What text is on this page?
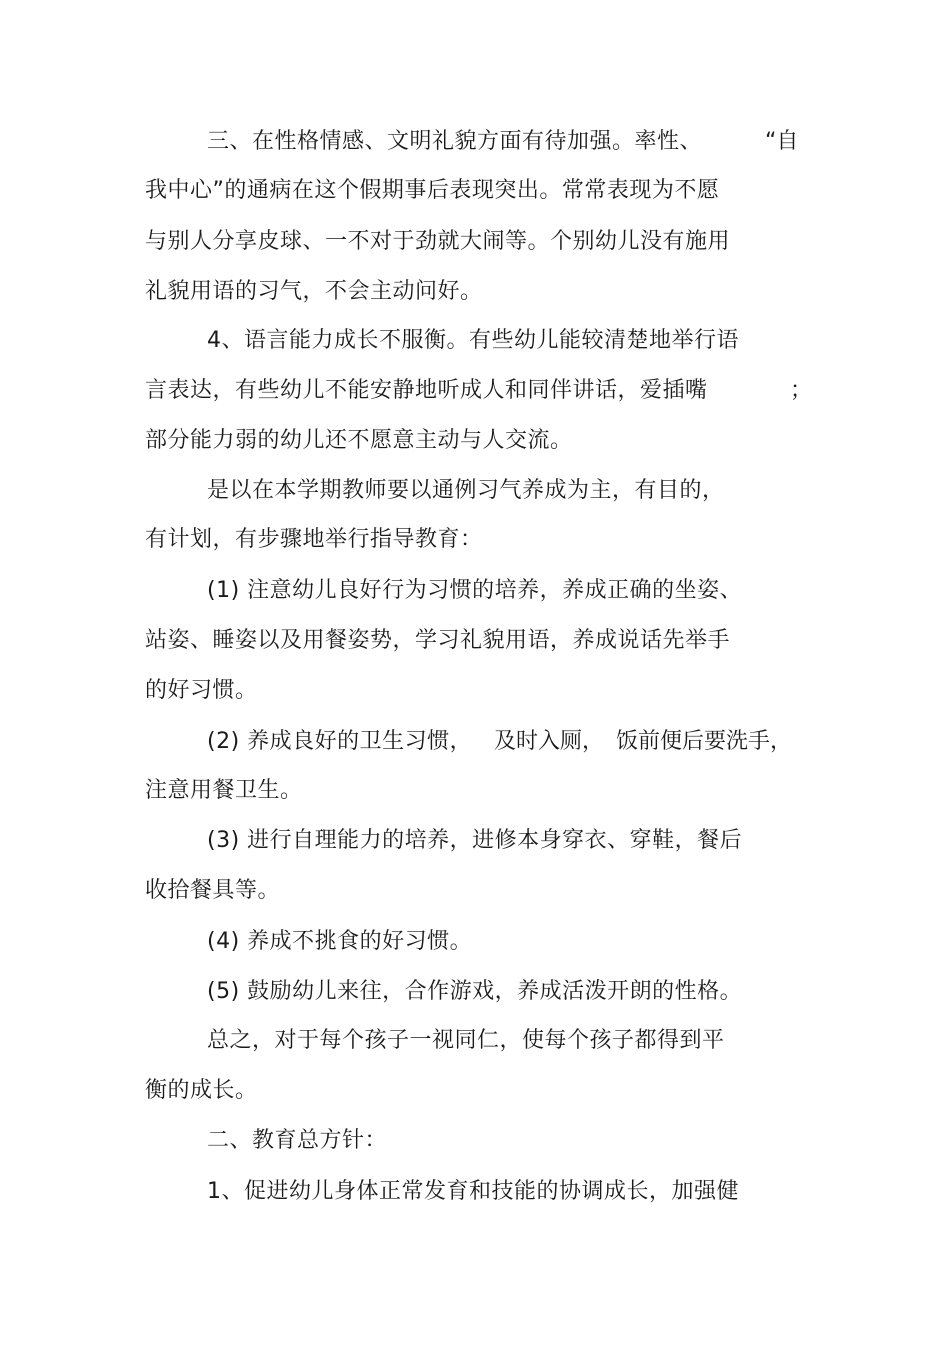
三、在性格情感、文明礼貌方面有待加强。率性、	“自
我中心”的通病在这个假期事后表现突出。常常表现为不愿
与别人分享皮球、一不对于劲就大闹等。个别幼儿没有施用
礼貌用语的习气，不会主动问好。
4、语言能力成长不服衡。有些幼儿能较清楚地举行语
言表达，有些幼儿不能安静地听成人和同伴讲话，爱插嘴	；
部分能力弱的幼儿还不愿意主动与人交流。
是以在本学期教师要以通例习气养成为主，有目的，
有计划，有步骤地举行指导教育：
(1) 注意幼儿良好行为习惯的培养，养成正确的坐姿、
站姿、睡姿以及用餐姿势，学习礼貌用语，养成说话先举手
的好习惯。
(2) 养成良好的卫生习惯， 及时入厕， 饭前便后要洗手，
注意用餐卫生。
(3) 进行自理能力的培养，进修本身穿衣、穿鞋，餐后
收拾餐具等。
(4) 养成不挑食的好习惯。
(5) 鼓励幼儿来往，合作游戏，养成活泼开朗的性格。
总之，对于每个孩子一视同仁，使每个孩子都得到平
衡的成长。
二、教育总方针：
1、促进幼儿身体正常发育和技能的协调成长，加强健
